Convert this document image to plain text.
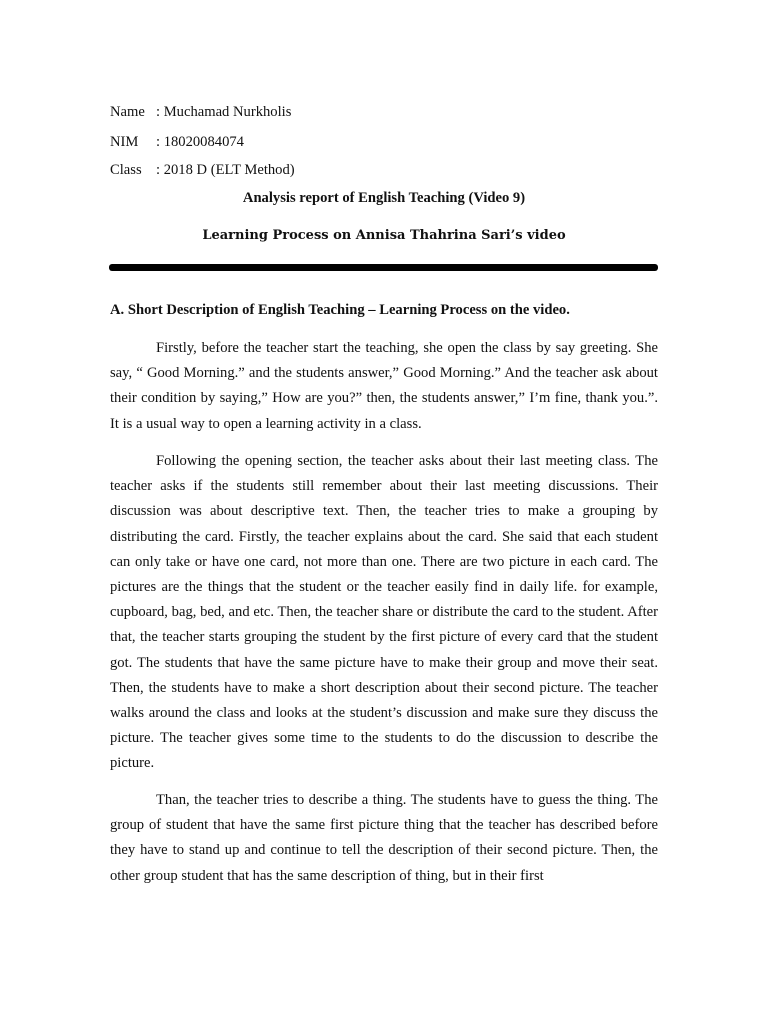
Name : Muchamad Nurkholis
NIM : 18020084074
Class : 2018 D (ELT Method)
Analysis report of English Teaching (Video 9)
Learning Process on Annisa Thahrina Sari’s video
A. Short Description of English Teaching – Learning Process on the video.

Firstly, before the teacher start the teaching, she open the class by say greeting. She say, “ Good Morning.” and the students answer,” Good Morning.” And the teacher ask about their condition by saying,” How are you?” then, the students answer,” I’m fine, thank you.”. It is a usual way to open a learning activity in a class.

Following the opening section, the teacher asks about their last meeting class. The teacher asks if the students still remember about their last meeting discussions. Their discussion was about descriptive text. Then, the teacher tries to make a grouping by distributing the card. Firstly, the teacher explains about the card. She said that each student can only take or have one card, not more than one. There are two picture in each card. The pictures are the things that the student or the teacher easily find in daily life. for example, cupboard, bag, bed, and etc. Then, the teacher share or distribute the card to the student. After that, the teacher starts grouping the student by the first picture of every card that the student got. The students that have the same picture have to make their group and move their seat. Then, the students have to make a short description about their second picture. The teacher walks around the class and looks at the student’s discussion and make sure they discuss the picture. The teacher gives some time to the students to do the discussion to describe the picture.

Than, the teacher tries to describe a thing. The students have to guess the thing. The group of student that have the same first picture thing that the teacher has described before they have to stand up and continue to tell the description of their second picture. Then, the other group student that has the same description of thing, but in their first
